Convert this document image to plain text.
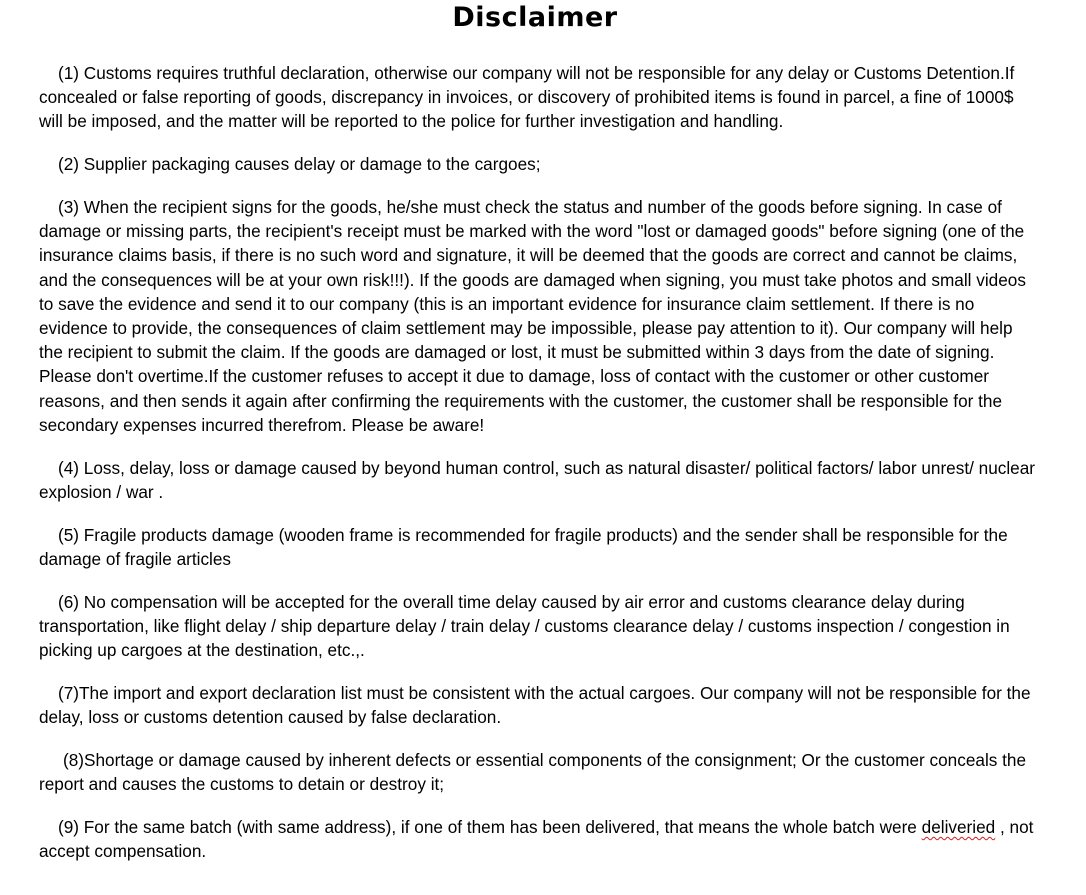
Disclaimer

(1) Customs requires truthful declaration, otherwise our company will not be responsible for any delay or Customs Detention.If concealed or false reporting of goods, discrepancy in invoices, or discovery of prohibited items is found in parcel, a fine of 1000$ will be imposed, and the matter will be reported to the police for further investigation and handling.

(2) Supplier packaging causes delay or damage to the cargoes;

(3) When the recipient signs for the goods, he/she must check the status and number of the goods before signing. In case of damage or missing parts, the recipient's receipt must be marked with the word "lost or damaged goods" before signing (one of the insurance claims basis, if there is no such word and signature, it will be deemed that the goods are correct and cannot be claims, and the consequences will be at your own risk!!!). If the goods are damaged when signing, you must take photos and small videos to save the evidence and send it to our company (this is an important evidence for insurance claim settlement. If there is no evidence to provide, the consequences of claim settlement may be impossible, please pay attention to it). Our company will help the recipient to submit the claim. If the goods are damaged or lost, it must be submitted within 3 days from the date of signing. Please don't overtime.If the customer refuses to accept it due to damage, loss of contact with the customer or other customer reasons, and then sends it again after confirming the requirements with the customer, the customer shall be responsible for the secondary expenses incurred therefrom. Please be aware!

(4) Loss, delay, loss or damage caused by beyond human control, such as natural disaster/ political factors/ labor unrest/ nuclear explosion / war .

(5) Fragile products damage (wooden frame is recommended for fragile products) and the sender shall be responsible for the damage of fragile articles

(6) No compensation will be accepted for the overall time delay caused by air error and customs clearance delay during transportation, like flight delay / ship departure delay / train delay / customs clearance delay / customs inspection / congestion in picking up cargoes at the destination, etc.,.

(7)The import and export declaration list must be consistent with the actual cargoes. Our company will not be responsible for the delay, loss or customs detention caused by false declaration.

(8)Shortage or damage caused by inherent defects or essential components of the consignment; Or the customer conceals the report and causes the customs to detain or destroy it;

(9) For the same batch (with same address), if one of them has been delivered, that means the whole batch were deliveried , not accept compensation.
